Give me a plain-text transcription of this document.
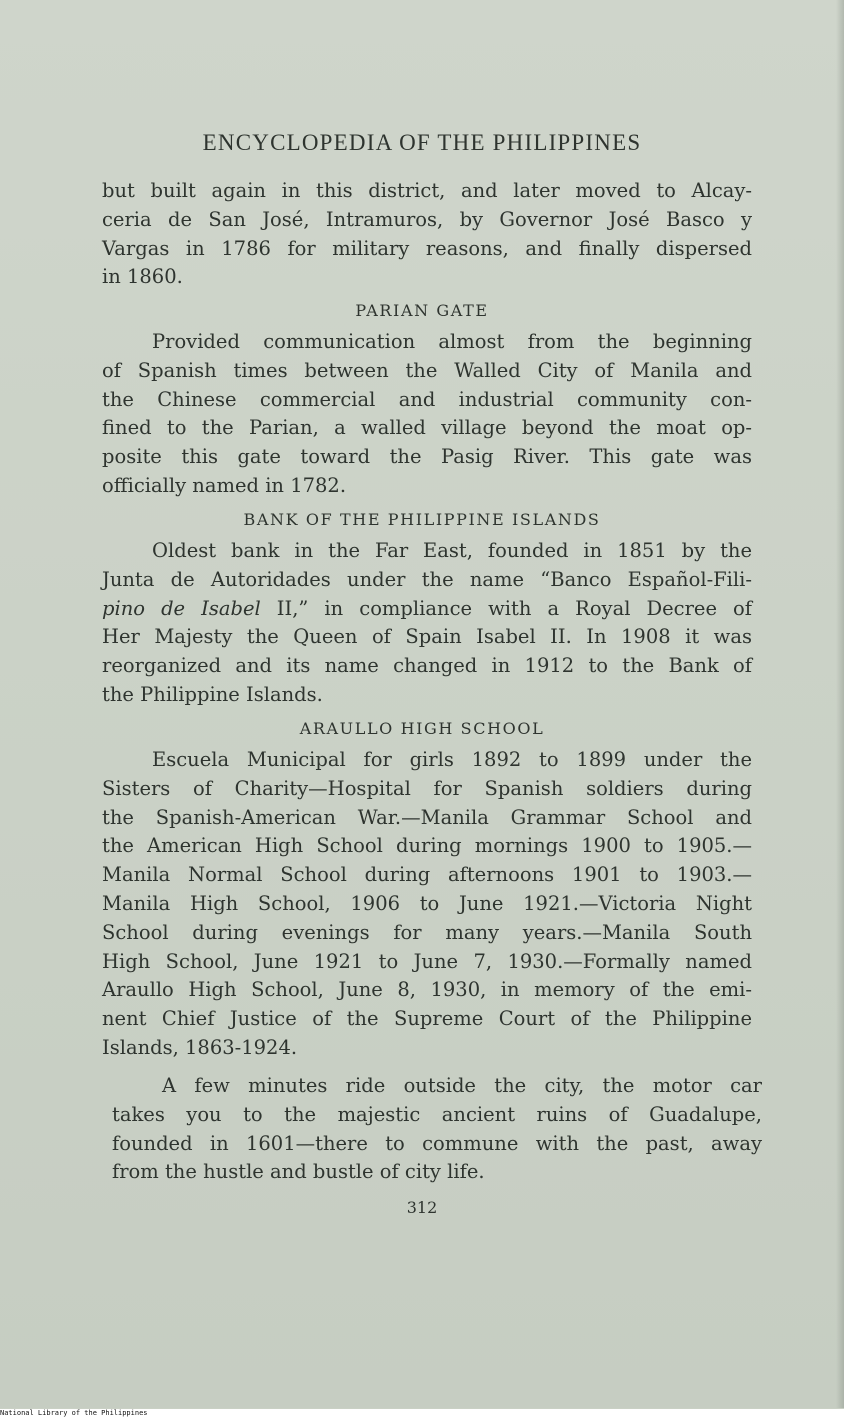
ENCYCLOPEDIA OF THE PHILIPPINES
but built again in this district, and later moved to Alcay-
ceria de San José, Intramuros, by Governor José Basco y
Vargas in 1786 for military reasons, and finally dispersed
in 1860.
PARIAN GATE
Provided communication almost from the beginning
of Spanish times between the Walled City of Manila and
the Chinese commercial and industrial community con-
fined to the Parian, a walled village beyond the moat op-
posite this gate toward the Pasig River. This gate was
officially named in 1782.
BANK OF THE PHILIPPINE ISLANDS
Oldest bank in the Far East, founded in 1851 by the
Junta de Autoridades under the name “Banco Español-Fili-
pino de Isabel II,” in compliance with a Royal Decree of
Her Majesty the Queen of Spain Isabel II. In 1908 it was
reorganized and its name changed in 1912 to the Bank of
the Philippine Islands.
ARAULLO HIGH SCHOOL
Escuela Municipal for girls 1892 to 1899 under the
Sisters of Charity—Hospital for Spanish soldiers during
the Spanish-American War.—Manila Grammar School and
the American High School during mornings 1900 to 1905.—
Manila Normal School during afternoons 1901 to 1903.—
Manila High School, 1906 to June 1921.—Victoria Night
School during evenings for many years.—Manila South
High School, June 1921 to June 7, 1930.—Formally named
Araullo High School, June 8, 1930, in memory of the emi-
nent Chief Justice of the Supreme Court of the Philippine
Islands, 1863-1924.
A few minutes ride outside the city, the motor car
takes you to the majestic ancient ruins of Guadalupe,
founded in 1601—there to commune with the past, away
from the hustle and bustle of city life.
312
National Library of the Philippines
